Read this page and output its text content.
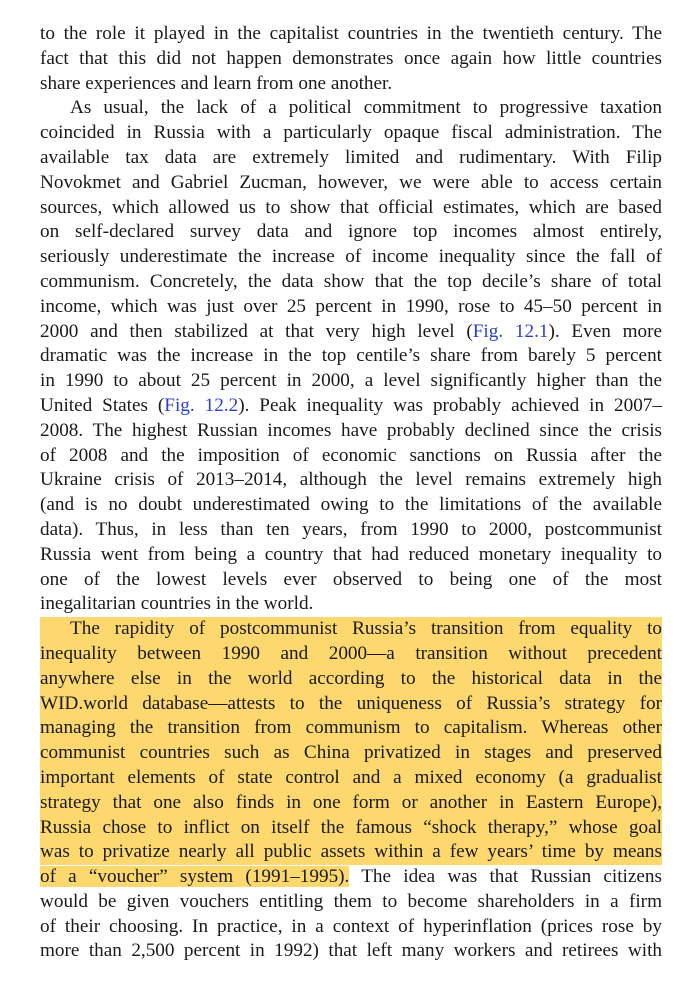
to the role it played in the capitalist countries in the twentieth century. The
fact that this did not happen demonstrates once again how little countries
share experiences and learn from one another.
As usual, the lack of a political commitment to progressive taxation
coincided in Russia with a particularly opaque fiscal administration. The
available tax data are extremely limited and rudimentary. With Filip
Novokmet and Gabriel Zucman, however, we were able to access certain
sources, which allowed us to show that official estimates, which are based
on self-declared survey data and ignore top incomes almost entirely,
seriously underestimate the increase of income inequality since the fall of
communism. Concretely, the data show that the top decile’s share of total
income, which was just over 25 percent in 1990, rose to 45–50 percent in
2000 and then stabilized at that very high level (Fig. 12.1). Even more
dramatic was the increase in the top centile’s share from barely 5 percent
in 1990 to about 25 percent in 2000, a level significantly higher than the
United States (Fig. 12.2). Peak inequality was probably achieved in 2007–
2008. The highest Russian incomes have probably declined since the crisis
of 2008 and the imposition of economic sanctions on Russia after the
Ukraine crisis of 2013–2014, although the level remains extremely high
(and is no doubt underestimated owing to the limitations of the available
data). Thus, in less than ten years, from 1990 to 2000, postcommunist
Russia went from being a country that had reduced monetary inequality to
one of the lowest levels ever observed to being one of the most
inegalitarian countries in the world.
The rapidity of postcommunist Russia’s transition from equality to
inequality between 1990 and 2000—a transition without precedent
anywhere else in the world according to the historical data in the
WID.world database—attests to the uniqueness of Russia’s strategy for
managing the transition from communism to capitalism. Whereas other
communist countries such as China privatized in stages and preserved
important elements of state control and a mixed economy (a gradualist
strategy that one also finds in one form or another in Eastern Europe),
Russia chose to inflict on itself the famous “shock therapy,” whose goal
was to privatize nearly all public assets within a few years’ time by means
of a “voucher” system (1991–1995). The idea was that Russian citizens
would be given vouchers entitling them to become shareholders in a firm
of their choosing. In practice, in a context of hyperinflation (prices rose by
more than 2,500 percent in 1992) that left many workers and retirees with
